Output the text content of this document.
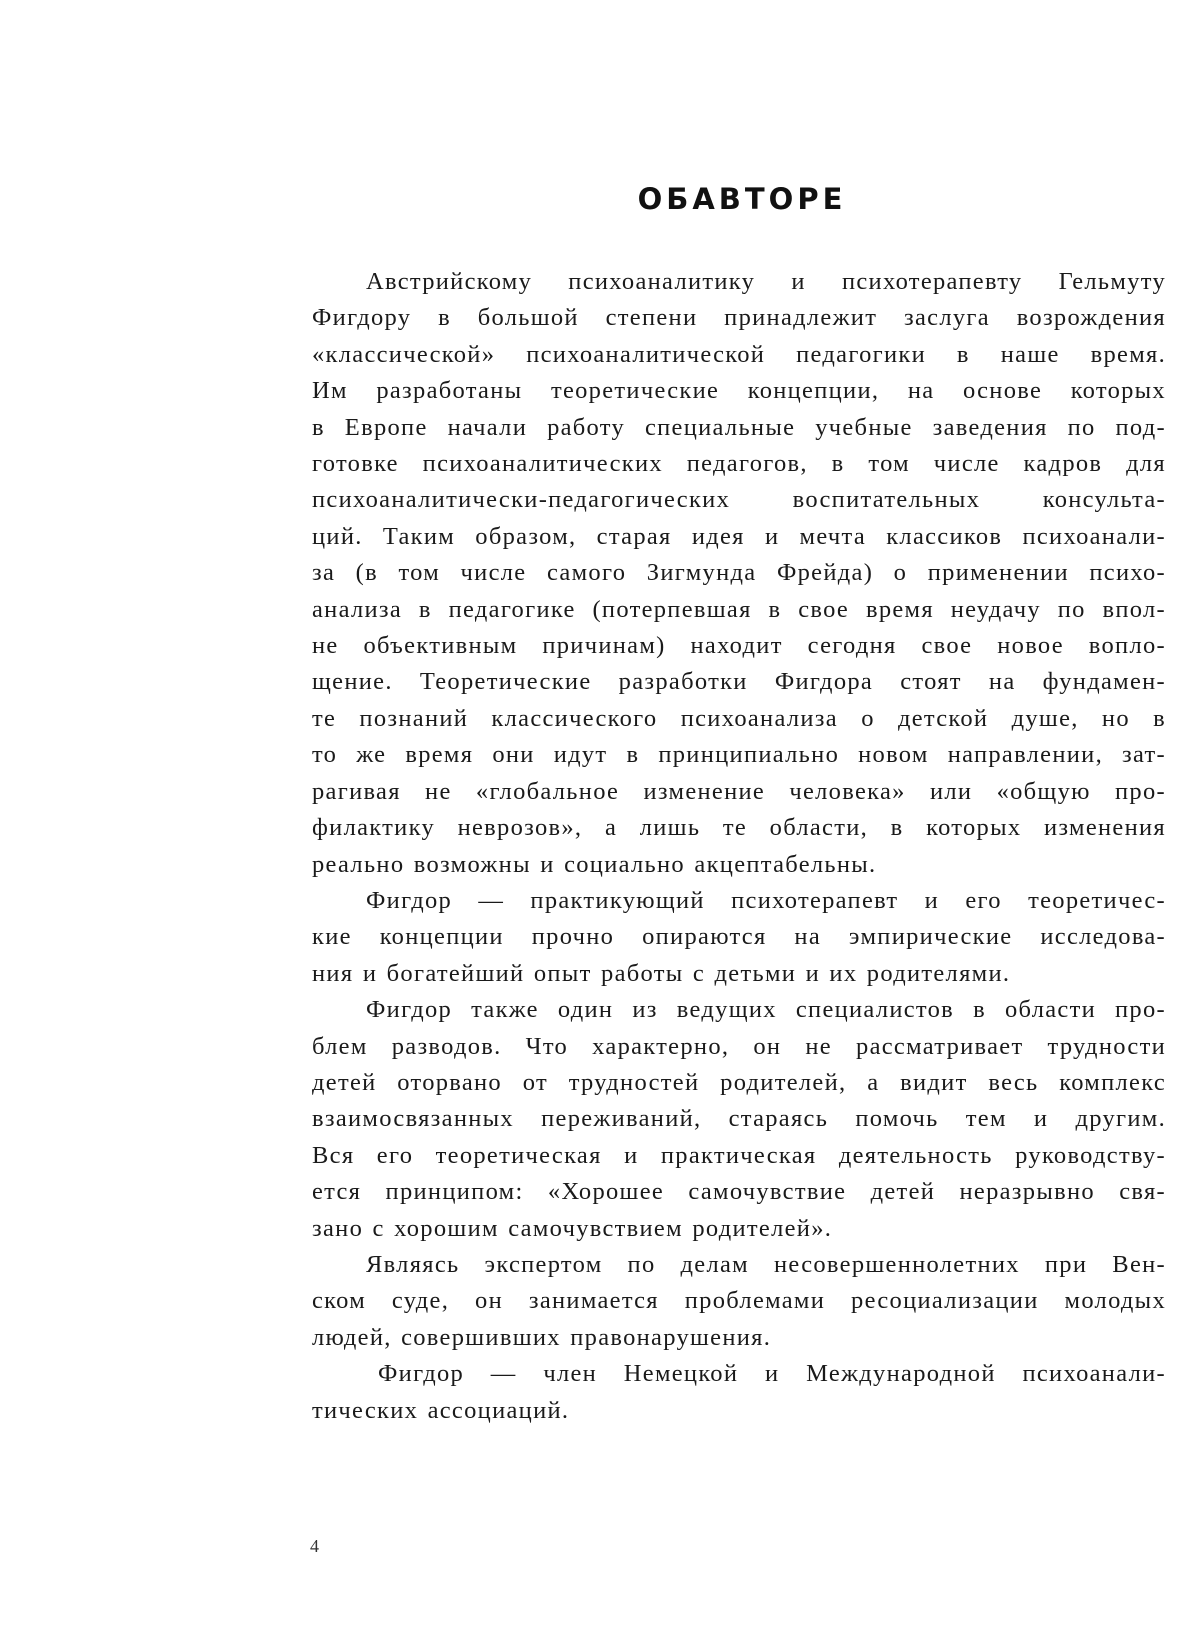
ОБАВТОРЕ
Австрийскому психоаналитику и психотерапевту Гельмуту
Фигдору в большой степени принадлежит заслуга возрождения
«классической» психоаналитической педагогики в наше время.
Им разработаны теоретические концепции, на основе которых
в Европе начали работу специальные учебные заведения по под-
готовке психоаналитических педагогов, в том числе кадров для
психоаналитически-педагогических воспитательных консульта-
ций. Таким образом, старая идея и мечта классиков психоанали-
за (в том числе самого Зигмунда Фрейда) о применении психо-
анализа в педагогике (потерпевшая в свое время неудачу по впол-
не объективным причинам) находит сегодня свое новое вопло-
щение. Теоретические разработки Фигдора стоят на фундамен-
те познаний классического психоанализа о детской душе, но в
то же время они идут в принципиально новом направлении, зат-
рагивая не «глобальное изменение человека» или «общую про-
филактику неврозов», а лишь те области, в которых изменения
реально возможны и социально акцептабельны.
Фигдор — практикующий психотерапевт и его теоретичес-
кие концепции прочно опираются на эмпирические исследова-
ния и богатейший опыт работы с детьми и их родителями.
Фигдор также один из ведущих специалистов в области про-
блем разводов. Что характерно, он не рассматривает трудности
детей оторвано от трудностей родителей, а видит весь комплекс
взаимосвязанных переживаний, стараясь помочь тем и другим.
Вся его теоретическая и практическая деятельность руководству-
ется принципом: «Хорошее самочувствие детей неразрывно свя-
зано с хорошим самочувствием родителей».
Являясь экспертом по делам несовершеннолетних при Вен-
ском суде, он занимается проблемами ресоциализации молодых
людей, совершивших правонарушения.
Фигдор — член Немецкой и Международной психоанали-
тических ассоциаций.
4
